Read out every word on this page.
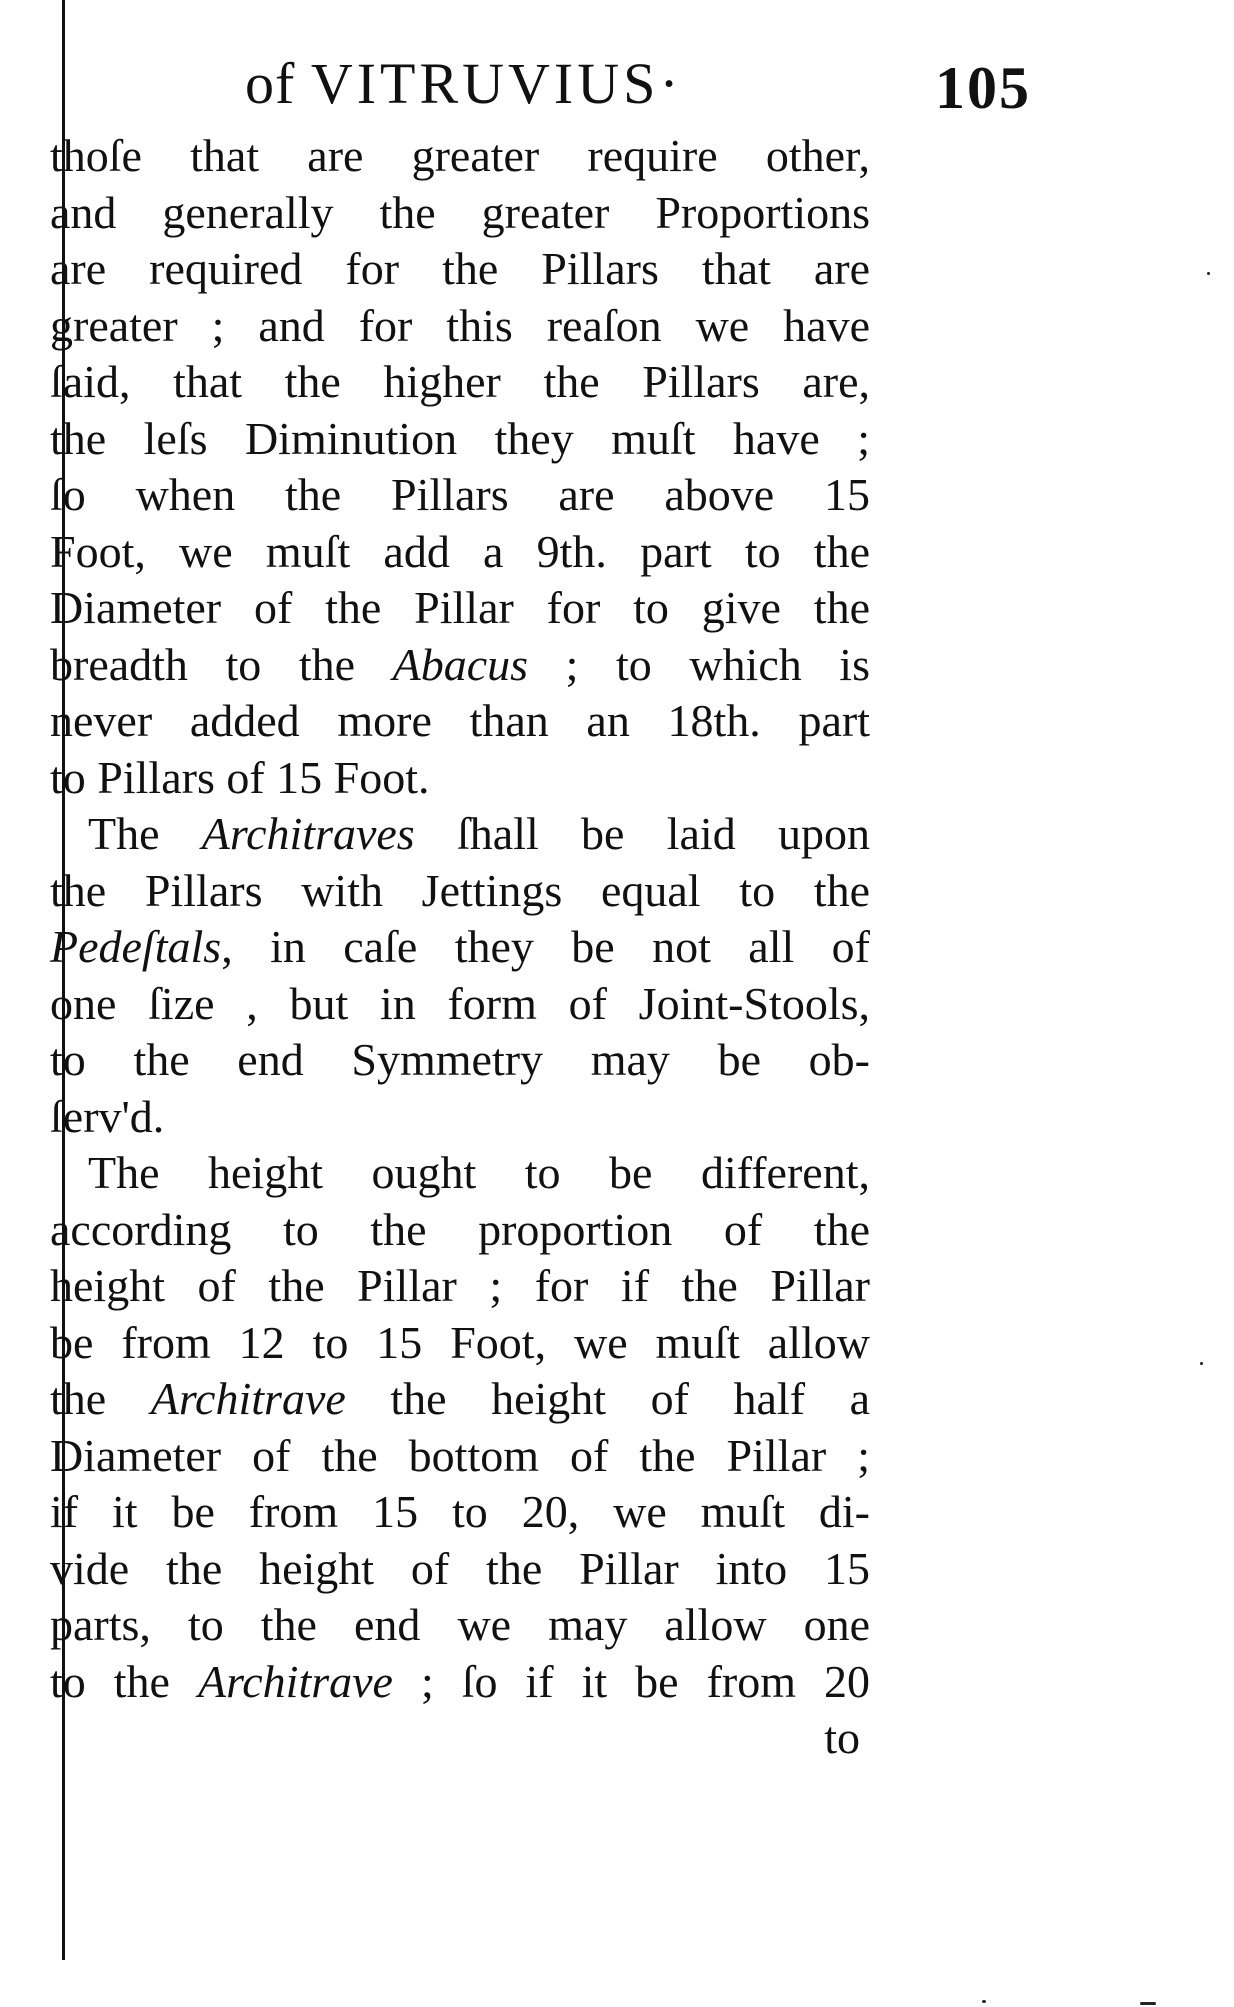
of VITRUVIUS·	105
thoſe that are greater require other,
and generally the greater Proportions
are required for the Pillars that are
greater ; and for this reaſon we have
ſaid, that the higher the Pillars are,
the leſs Diminution they muſt have ;
ſo when the Pillars are above 15
Foot, we muſt add a 9th. part to the
Diameter of the Pillar for to give the
breadth to the Abacus ; to which is
never added more than an 18th. part
to Pillars of 15 Foot.
The Architraves ſhall be laid upon
the Pillars with Jettings equal to the
Pedeſtals, in caſe they be not all of
one ſize , but in form of Joint-Stools,
to the end Symmetry may be ob-
ſerv'd.
The height ought to be different,
according to the proportion of the
height of the Pillar ; for if the Pillar
be from 12 to 15 Foot, we muſt allow
the Architrave the height of half a
Diameter of the bottom of the Pillar ;
if it be from 15 to 20, we muſt di-
vide the height of the Pillar into 15
parts, to the end we may allow one
to the Architrave ; ſo if it be from 20
to
